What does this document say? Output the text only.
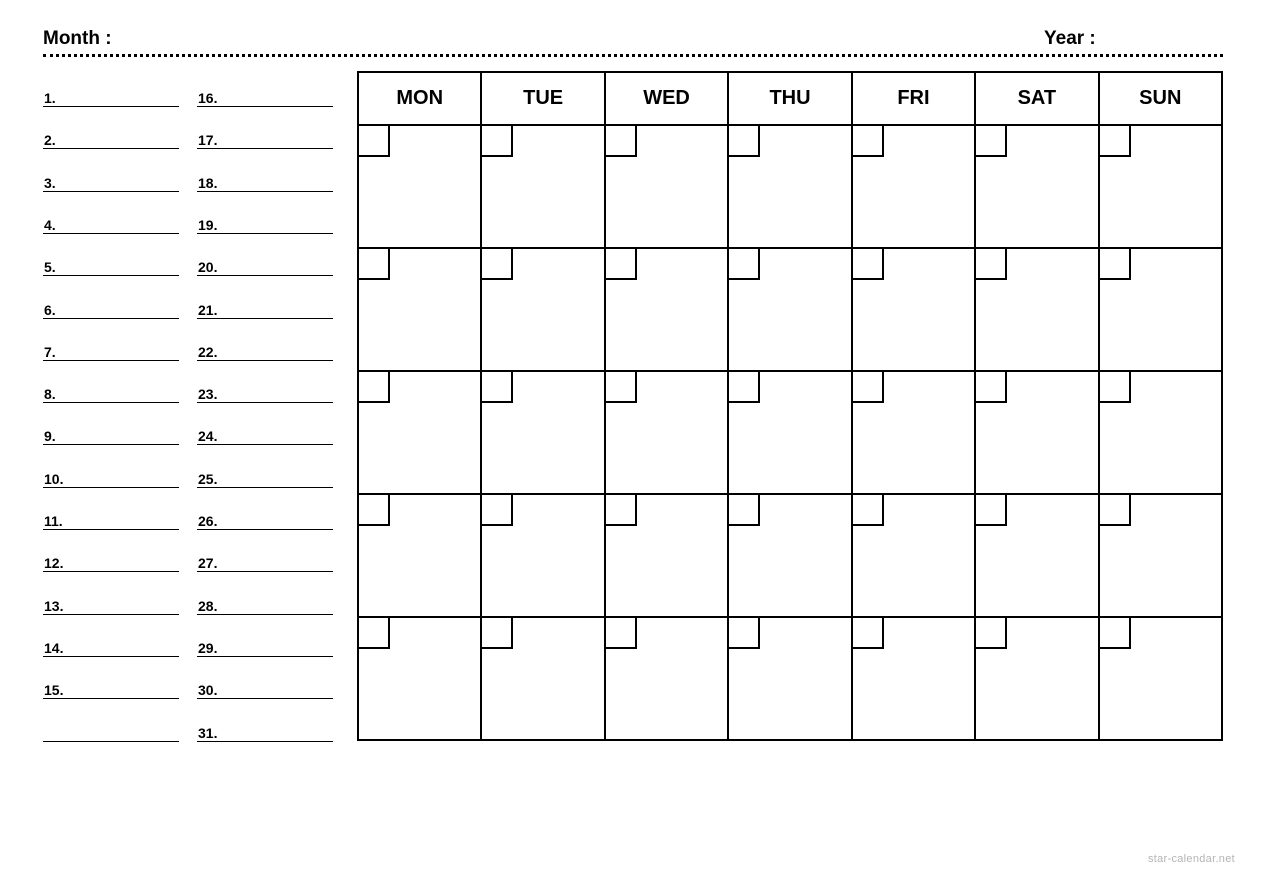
Month :	Year :
1.
2.
3.
4.
5.
6.
7.
8.
9.
10.
11.
12.
13.
14.
15.
16.
17.
18.
19.
20.
21.
22.
23.
24.
25.
26.
27.
28.
29.
30.
31.
MON	TUE	WED	THU	FRI	SAT	SUN
star-calendar.net
